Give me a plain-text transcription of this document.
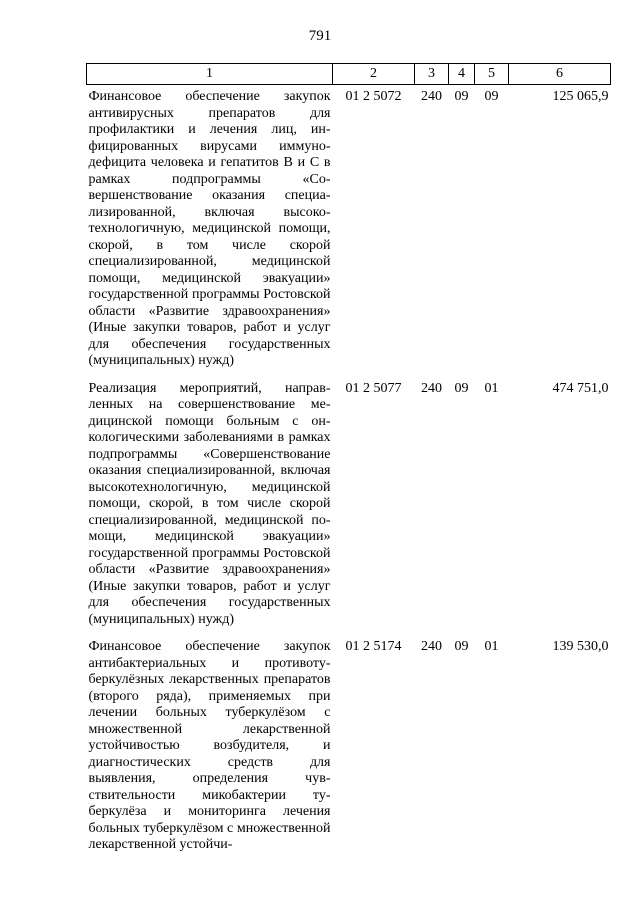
791
1	2	3	4	5	6
Финансовое обеспечение закупок антивирусных препаратов для профилактики и лечения лиц, инфицированных вирусами иммунодефицита человека и гепатитов В и С в рамках подпрограммы «Совершенствование оказания специализированной, включая высокотехнологичную, медицинской помощи, скорой, в том числе скорой специализированной, медицинской помощи, медицинской эвакуации» государственной программы Ростовской области «Развитие здравоохранения» (Иные закупки товаров, работ и услуг для обеспечения государственных (муниципальных) нужд)	01 2 5072	240	09	09	125 065,9
Реализация мероприятий, направленных на совершенствование медицинской помощи больным с онкологическими заболеваниями в рамках подпрограммы «Совершенствование оказания специализированной, включая высокотехнологичную, медицинской помощи, скорой, в том числе скорой специализированной, медицинской помощи, медицинской эвакуации» государственной программы Ростовской области «Развитие здравоохранения» (Иные закупки товаров, работ и услуг для обеспечения государственных (муниципальных) нужд)	01 2 5077	240	09	01	474 751,0
Финансовое обеспечение закупок антибактериальных и противотуберкулёзных лекарственных препаратов (второго ряда), применяемых при лечении больных туберкулёзом с множественной лекарственной устойчивостью возбудителя, и диагностических средств для выявления, определения чувствительности микобактерии туберкулёза и мониторинга лечения больных туберкулёзом с множественной лекарственной устойчи-	01 2 5174	240	09	01	139 530,0
